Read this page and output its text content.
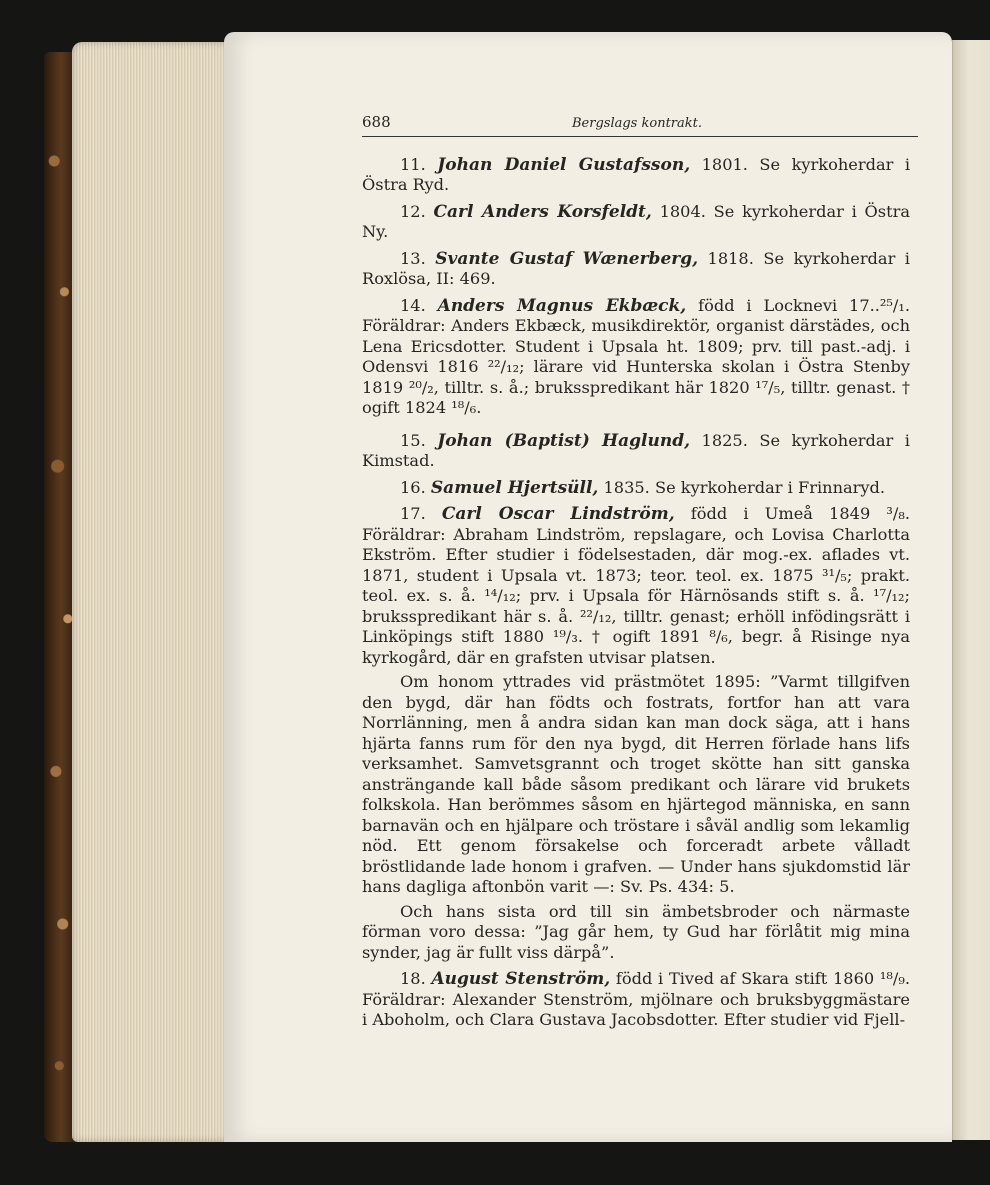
688	Bergslags kontrakt.

11. Johan Daniel Gustafsson, 1801. Se kyrkoherdar i Östra Ryd.

12. Carl Anders Korsfeldt, 1804. Se kyrkoherdar i Östra Ny.

13. Svante Gustaf Wænerberg, 1818. Se kyrkoherdar i Roxlösa, II: 469.

14. Anders Magnus Ekbæck, född i Locknevi 17..²⁵/₁. Föräldrar: Anders Ekbæck, musikdirektör, organist därstädes, och Lena Ericsdotter. Student i Upsala ht. 1809; prv. till past.-adj. i Odensvi 1816 ²²/₁₂; lärare vid Hunterska skolan i Östra Stenby 1819 ²⁰/₂, tilltr. s. å.; bruksspredikant här 1820 ¹⁷/₅, tilltr. genast. † ogift 1824 ¹⁸/₆.

15. Johan (Baptist) Haglund, 1825. Se kyrkoherdar i Kimstad.

16. Samuel Hjertsüll, 1835. Se kyrkoherdar i Frinnaryd.

17. Carl Oscar Lindström, född i Umeå 1849 ³/₈. Föräldrar: Abraham Lindström, repslagare, och Lovisa Charlotta Ekström. Efter studier i födelsestaden, där mog.-ex. aflades vt. 1871, student i Upsala vt. 1873; teor. teol. ex. 1875 ³¹/₅; prakt. teol. ex. s. å. ¹⁴/₁₂; prv. i Upsala för Härnösands stift s. å. ¹⁷/₁₂; bruksspredikant här s. å. ²²/₁₂, tilltr. genast; erhöll infödingsrätt i Linköpings stift 1880 ¹⁹/₃. † ogift 1891 ⁸/₆, begr. å Risinge nya kyrkogård, där en grafsten utvisar platsen.

Om honom yttrades vid prästmötet 1895: ”Varmt tillgifven den bygd, där han födts och fostrats, fortfor han att vara Norrlänning, men å andra sidan kan man dock säga, att i hans hjärta fanns rum för den nya bygd, dit Herren förlade hans lifs verksamhet. Samvetsgrannt och troget skötte han sitt ganska ansträngande kall både såsom predikant och lärare vid brukets folkskola. Han berömmes såsom en hjärtegod människa, en sann barnavän och en hjälpare och tröstare i såväl andlig som lekamlig nöd. Ett genom försakelse och forceradt arbete vålladt bröstlidande lade honom i grafven. — Under hans sjukdomstid lär hans dagliga aftonbön varit —: Sv. Ps. 434: 5.

Och hans sista ord till sin ämbetsbroder och närmaste förman voro dessa: ”Jag går hem, ty Gud har förlåtit mig mina synder, jag är fullt viss därpå”.

18. August Stenström, född i Tived af Skara stift 1860 ¹⁸/₉. Föräldrar: Alexander Stenström, mjölnare och bruksbyggmästare i Aboholm, och Clara Gustava Jacobsdotter. Efter studier vid Fjell-
